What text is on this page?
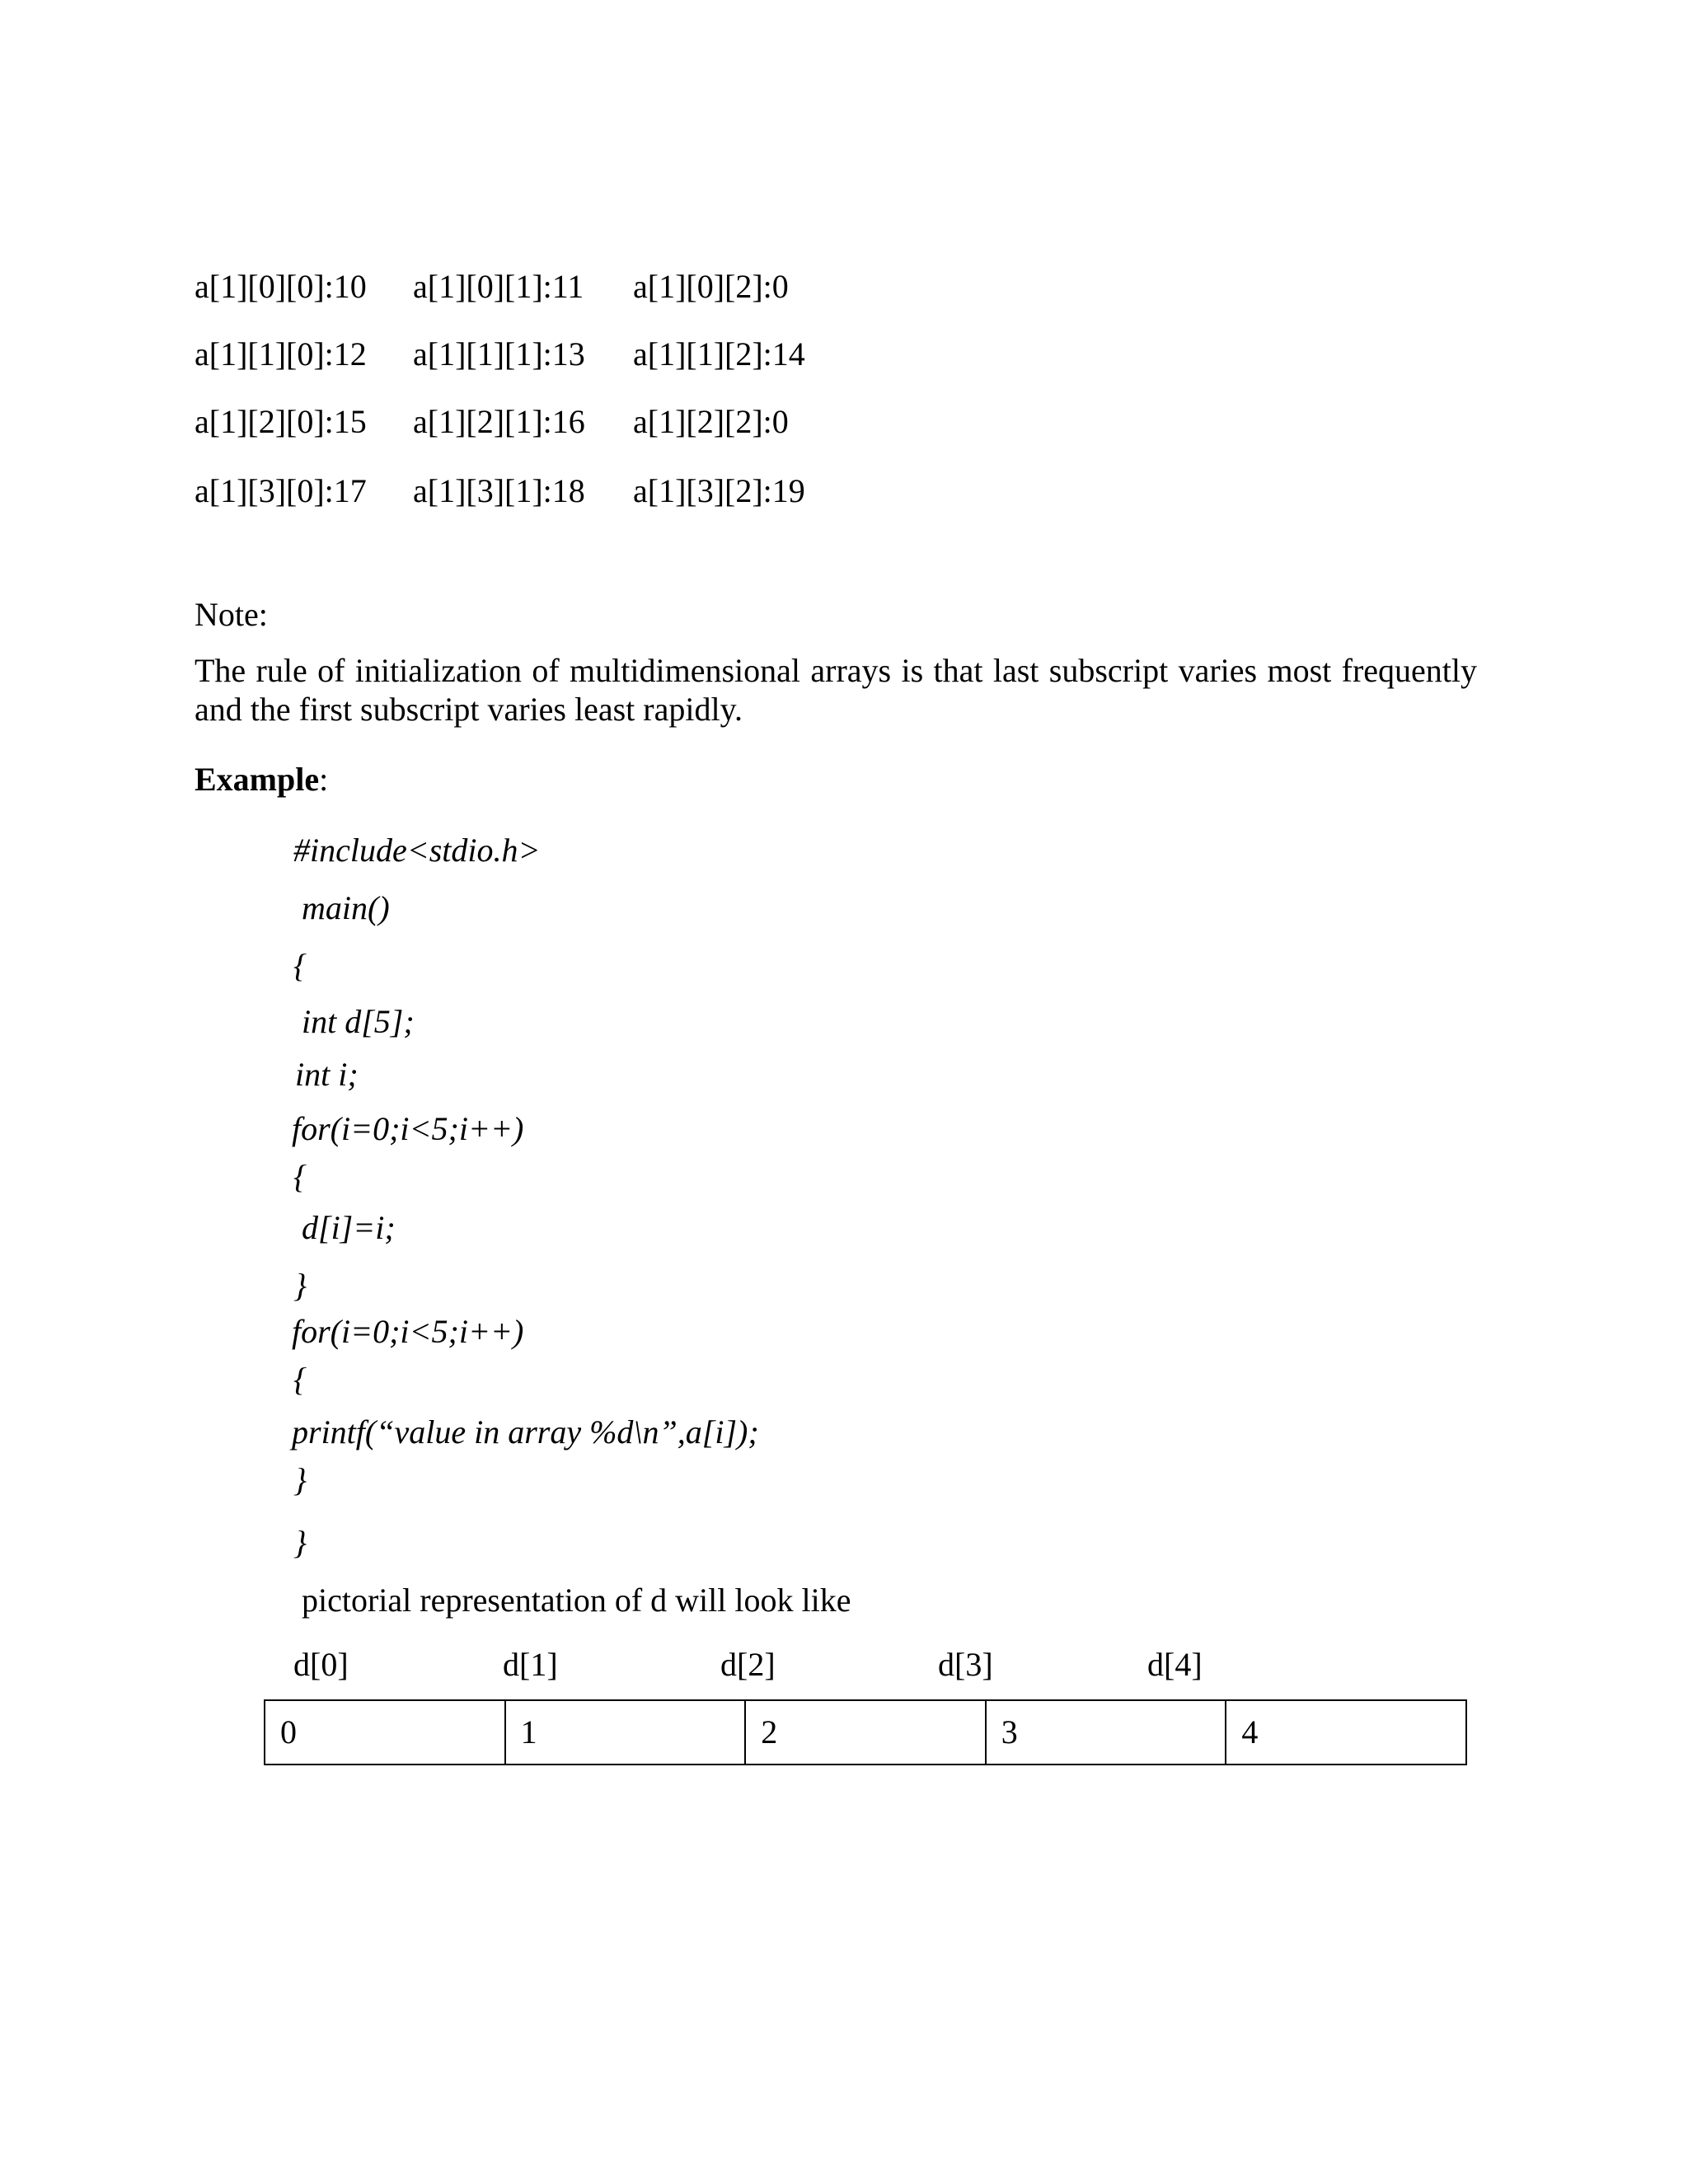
a[1][0][0]:10 a[1][0][1]:11 a[1][0][2]:0
a[1][1][0]:12 a[1][1][1]:13 a[1][1][2]:14
a[1][2][0]:15 a[1][2][1]:16 a[1][2][2]:0
a[1][3][0]:17 a[1][3][1]:18 a[1][3][2]:19
Note:
The rule of initialization of multidimensional arrays is that last subscript varies most frequently and the first subscript varies least rapidly.
Example:
#include<stdio.h>
main()
{
int d[5];
int i;
for(i=0;i<5;i++)
{
d[i]=i;
}
for(i=0;i<5;i++)
{
printf(“value in array %d\n”,a[i]);
}
}
pictorial representation of d will look like
d[0]	d[1]	d[2]	d[3]	d[4]
0	1	2	3	4
